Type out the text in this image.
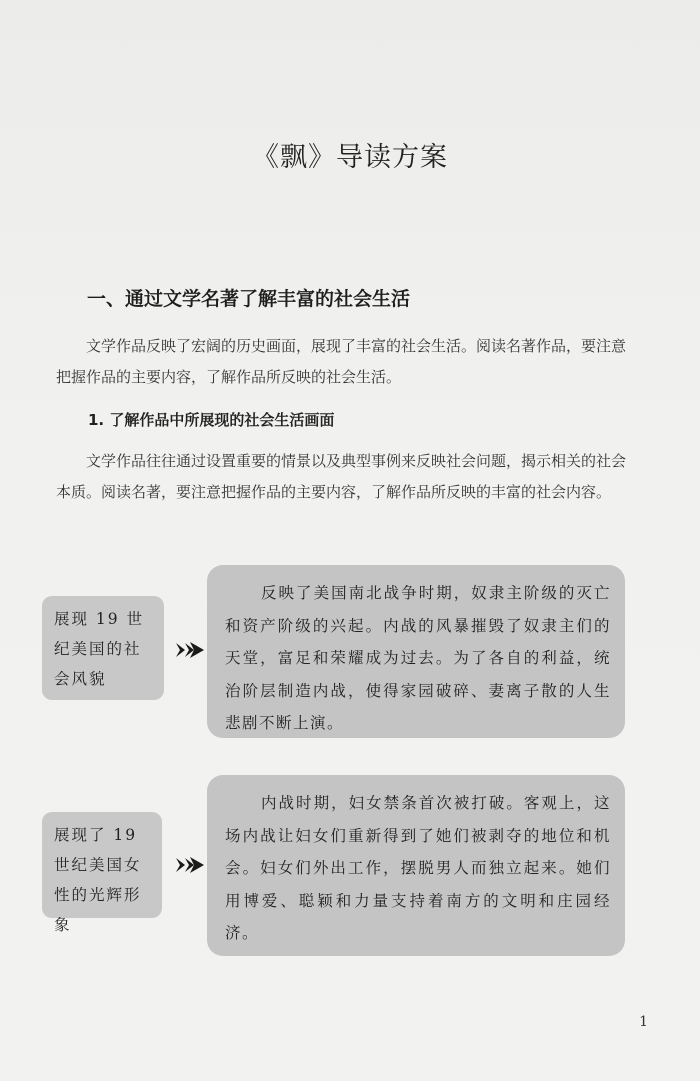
《飘》导读方案
一、通过文学名著了解丰富的社会生活
文学作品反映了宏阔的历史画面，展现了丰富的社会生活。阅读名著作品，要注意把握作品的主要内容，了解作品所反映的社会生活。
1. 了解作品中所展现的社会生活画面
文学作品往往通过设置重要的情景以及典型事例来反映社会问题，揭示相关的社会本质。阅读名著，要注意把握作品的主要内容，了解作品所反映的丰富的社会内容。
展现 19 世纪美国的社会风貌
反映了美国南北战争时期，奴隶主阶级的灭亡和资产阶级的兴起。内战的风暴摧毁了奴隶主们的天堂，富足和荣耀成为过去。为了各自的利益，统治阶层制造内战，使得家园破碎、妻离子散的人生悲剧不断上演。
展现了 19 世纪美国女性的光辉形象
内战时期，妇女禁条首次被打破。客观上，这场内战让妇女们重新得到了她们被剥夺的地位和机会。妇女们外出工作，摆脱男人而独立起来。她们用博爱、聪颖和力量支持着南方的文明和庄园经济。
1
